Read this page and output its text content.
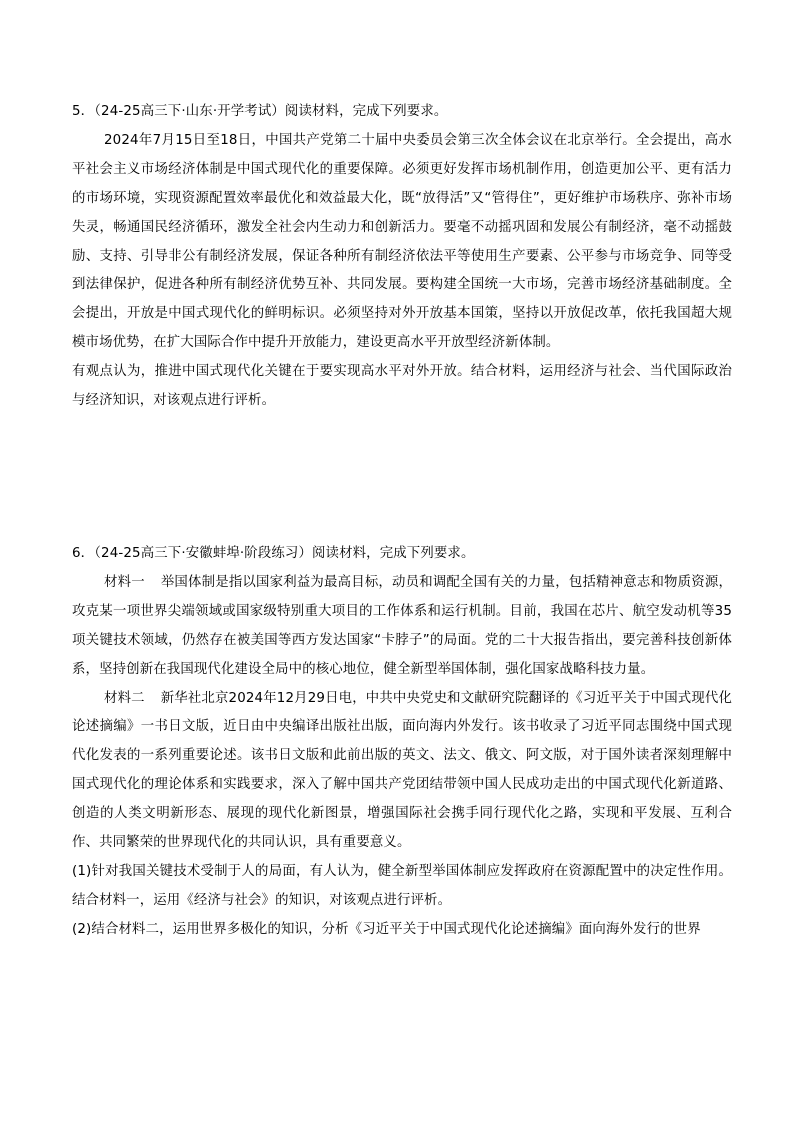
5．（24-25高三下·山东·开学考试）阅读材料，完成下列要求。

2024年7月15日至18日，中国共产党第二十届中央委员会第三次全体会议在北京举行。全会提出，高水平社会主义市场经济体制是中国式现代化的重要保障。必须更好发挥市场机制作用，创造更加公平、更有活力的市场环境，实现资源配置效率最优化和效益最大化，既“放得活”又“管得住”，更好维护市场秩序、弥补市场失灵，畅通国民经济循环，激发全社会内生动力和创新活力。要毫不动摇巩固和发展公有制经济，毫不动摇鼓励、支持、引导非公有制经济发展，保证各种所有制经济依法平等使用生产要素、公平参与市场竞争、同等受到法律保护，促进各种所有制经济优势互补、共同发展。要构建全国统一大市场，完善市场经济基础制度。全会提出，开放是中国式现代化的鲜明标识。必须坚持对外开放基本国策，坚持以开放促改革，依托我国超大规模市场优势，在扩大国际合作中提升开放能力，建设更高水平开放型经济新体制。

有观点认为，推进中国式现代化关键在于要实现高水平对外开放。结合材料，运用经济与社会、当代国际政治与经济知识，对该观点进行评析。

6．（24-25高三下·安徽蚌埠·阶段练习）阅读材料，完成下列要求。

材料一 举国体制是指以国家利益为最高目标，动员和调配全国有关的力量，包括精神意志和物质资源，攻克某一项世界尖端领域或国家级特别重大项目的工作体系和运行机制。目前，我国在芯片、航空发动机等35项关键技术领域，仍然存在被美国等西方发达国家“卡脖子”的局面。党的二十大报告指出，要完善科技创新体系，坚持创新在我国现代化建设全局中的核心地位，健全新型举国体制，强化国家战略科技力量。

材料二 新华社北京2024年12月29日电，中共中央党史和文献研究院翻译的《习近平关于中国式现代化论述摘编》一书日文版，近日由中央编译出版社出版，面向海内外发行。该书收录了习近平同志围绕中国式现代化发表的一系列重要论述。该书日文版和此前出版的英文、法文、俄文、阿文版，对于国外读者深刻理解中国式现代化的理论体系和实践要求，深入了解中国共产党团结带领中国人民成功走出的中国式现代化新道路、创造的人类文明新形态、展现的现代化新图景，增强国际社会携手同行现代化之路，实现和平发展、互利合作、共同繁荣的世界现代化的共同认识，具有重要意义。

(1)针对我国关键技术受制于人的局面，有人认为，健全新型举国体制应发挥政府在资源配置中的决定性作用。结合材料一，运用《经济与社会》的知识，对该观点进行评析。

(2)结合材料二，运用世界多极化的知识，分析《习近平关于中国式现代化论述摘编》面向海外发行的世界
